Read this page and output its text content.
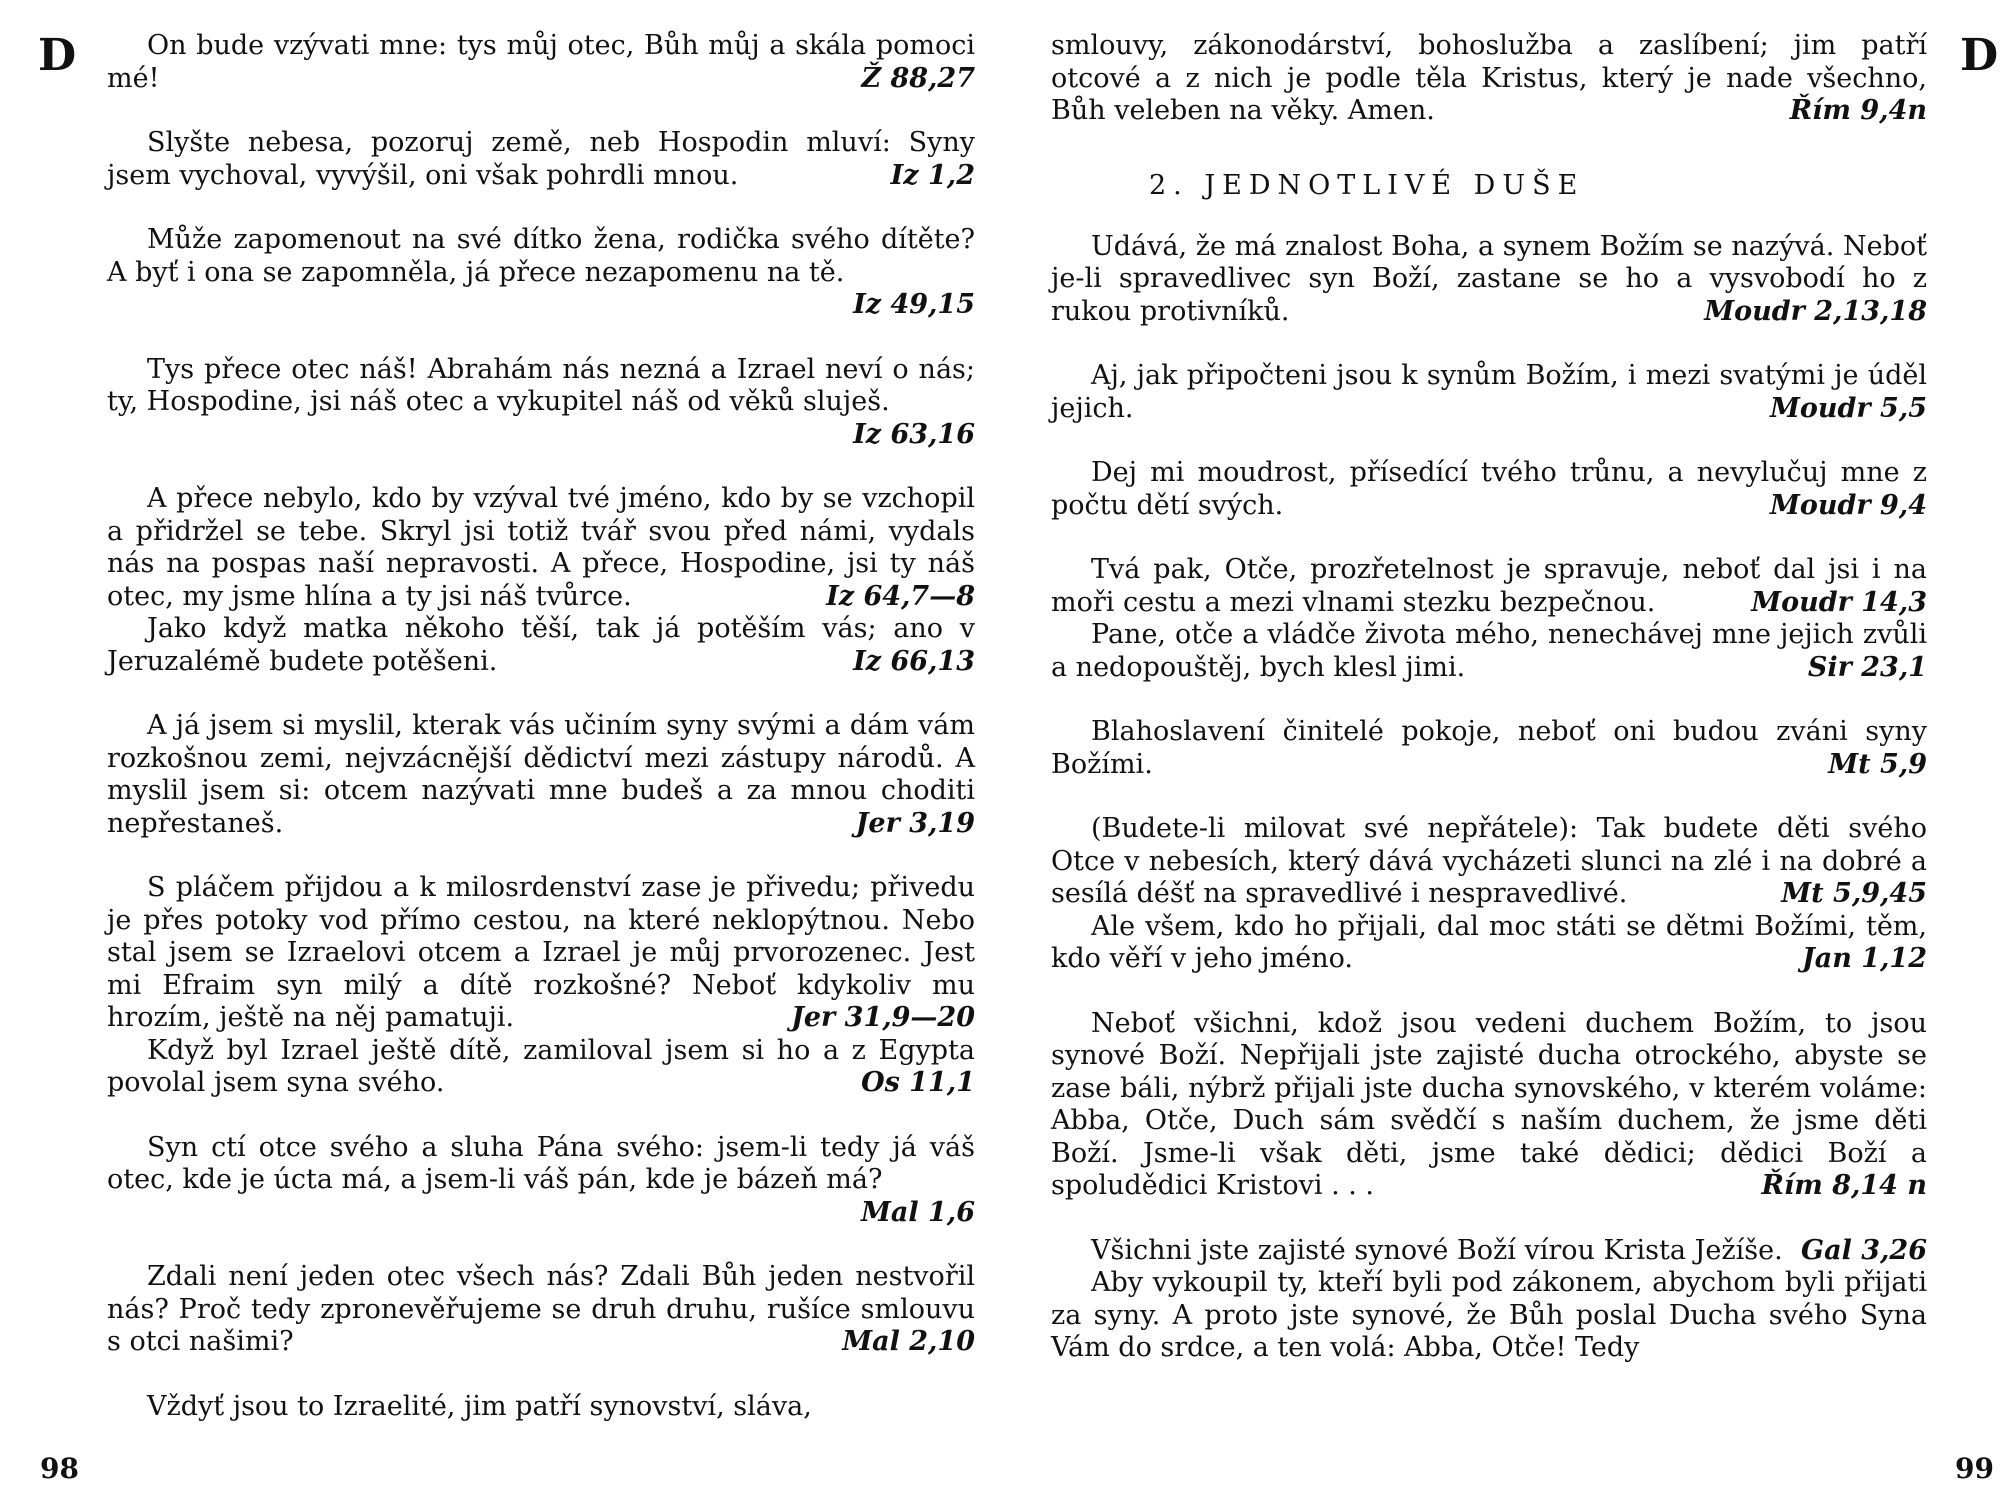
D	On bude vzývati mne: tys můj otec, Bůh můj a skála pomoci mé!	Ž 88,27

Slyšte nebesa, pozoruj země, neb Hospodin mluví: Syny jsem vychoval, vyvýšil, oni však pohrdli mnou.	Iz 1,2

Může zapomenout na své dítko žena, rodička svého dítěte? A byť i ona se zapomněla, já přece nezapomenu na tě.
Iz 49,15

Tys přece otec náš! Abrahám nás nezná a Izrael neví o nás; ty, Hospodine, jsi náš otec a vykupitel náš od věků sluješ.
Iz 63,16

A přece nebylo, kdo by vzýval tvé jméno, kdo by se vzchopil a přidržel se tebe. Skryl jsi totiž tvář svou před námi, vydals nás na pospas naší nepravosti. A přece, Hospodine, jsi ty náš otec, my jsme hlína a ty jsi náš tvůrce.	Iz 64,7—8

Jako když matka někoho těší, tak já potěším vás; ano v Jeruzalémě budete potěšeni.	Iz 66,13

A já jsem si myslil, kterak vás učiním syny svými a dám vám rozkošnou zemi, nejvzácnější dědictví mezi zástupy národů. A myslil jsem si: otcem nazývati mne budeš a za mnou choditi nepřestaneš.	Jer 3,19

S pláčem přijdou a k milosrdenství zase je přivedu; přivedu je přes potoky vod přímo cestou, na které neklopýtnou. Nebo stal jsem se Izraelovi otcem a Izrael je můj prvorozenec. Jest mi Efraim syn milý a dítě rozkošné? Neboť kdykoliv mu hrozím, ještě na něj pamatuji.	Jer 31,9—20

Když byl Izrael ještě dítě, zamiloval jsem si ho a z Egypta povolal jsem syna svého.	Os 11,1

Syn ctí otce svého a sluha Pána svého: jsem-li tedy já váš otec, kde je úcta má, a jsem-li váš pán, kde je bázeň má?
Mal 1,6

Zdali není jeden otec všech nás? Zdali Bůh jeden nestvořil nás? Proč tedy zpronevěřujeme se druh druhu, rušíce smlouvu s otci našimi?	Mal 2,10

Vždyť jsou to Izraelité, jim patří synovství, sláva,

98

smlouvy, zákonodárství, bohoslužba a zaslíbení; jim patří otcové a z nich je podle těla Kristus, který je nade všechno, Bůh veleben na věky. Amen.	Řím 9,4n

2. JEDNOTLIVÉ DUŠE

Udává, že má znalost Boha, a synem Božím se nazývá. Neboť je-li spravedlivec syn Boží, zastane se ho a vysvobodí ho z rukou protivníků.	Moudr 2,13,18

Aj, jak připočteni jsou k synům Božím, i mezi svatými je úděl jejich.	Moudr 5,5

Dej mi moudrost, přísedící tvého trůnu, a nevylučuj mne z počtu dětí svých.	Moudr 9,4

Tvá pak, Otče, prozřetelnost je spravuje, neboť dal jsi i na moři cestu a mezi vlnami stezku bezpečnou.	Moudr 14,3

Pane, otče a vládče života mého, nenechávej mne jejich zvůli a nedopouštěj, bych klesl jimi.	Sir 23,1

Blahoslavení činitelé pokoje, neboť oni budou zváni syny Božími.	Mt 5,9

(Budete-li milovat své nepřátele): Tak budete děti svého Otce v nebesích, který dává vycházeti slunci na zlé i na dobré a sesílá déšť na spravedlivé i nespravedlivé.	Mt 5,9,45

Ale všem, kdo ho přijali, dal moc státi se dětmi Božími, těm, kdo věří v jeho jméno.	Jan 1,12

Neboť všichni, kdož jsou vedeni duchem Božím, to jsou synové Boží. Nepřijali jste zajisté ducha otrockého, abyste se zase báli, nýbrž přijali jste ducha synovského, v kterém voláme: Abba, Otče, Duch sám svědčí s naším duchem, že jsme děti Boží. Jsme-li však děti, jsme také dědici; dědici Boží a spoludědici Kristovi . . .	Řím 8,14 n

Všichni jste zajisté synové Boží vírou Krista Ježíše. Gal 3,26

Aby vykoupil ty, kteří byli pod zákonem, abychom byli přijati za syny. A proto jste synové, že Bůh poslal Ducha svého Syna Vám do srdce, a ten volá: Abba, Otče! Tedy

D
99
